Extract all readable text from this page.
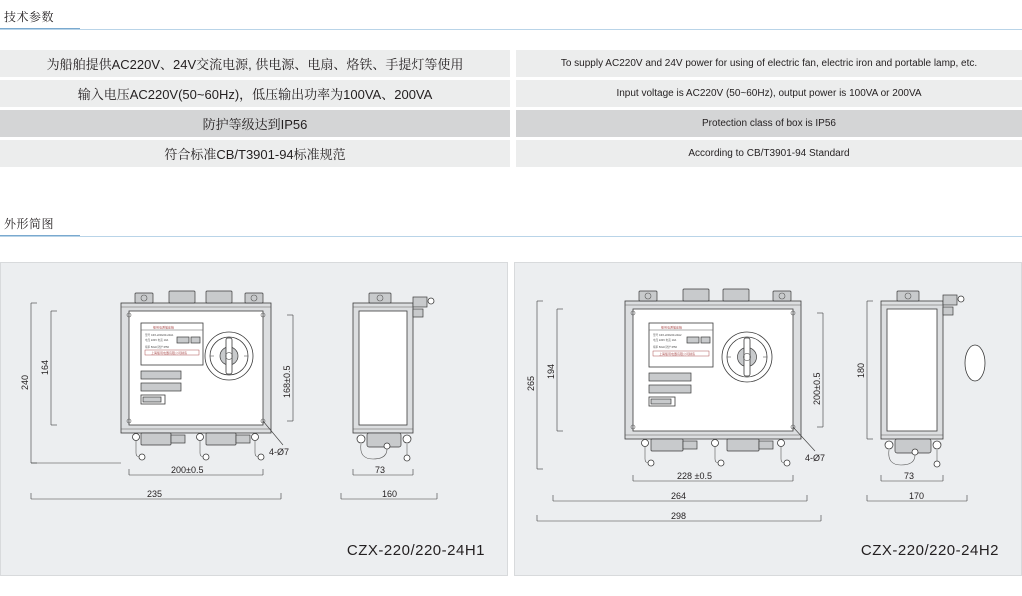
技术参数
为船舶提供AC220V、24V交流电源, 供电源、电扇、烙铁、手提灯等使用	To supply AC220V and 24V power for using of electric fan, electric iron and portable lamp, etc.
输入电压AC220V(50~60Hz)，低压输出功率为100VA、200VA	Input voltage is AC220V (50~60Hz), output power is 100VA or 200VA
防护等级达到IP56	Protection class of box is IP56
符合标准CB/T3901-94标准规范	According to CB/T3901-94 Standard
外形简图
船用电源插座箱
型号 CZX-220/220-24H1
电压 220V 电流 10A
频率 50Hz 防护 IP56
上海船用电器有限公司制造
4-Ø7
240
164	168±0.5
200±0.5
235
73
160
CZX-220/220-24H1
船用电源插座箱
型号 CZX-220/220-24H2
电压 220V 电流 10A
频率 50Hz 防护 IP56
上海船用电器有限公司制造
4-Ø7
265
194
200±0.5
228 ±0.5
264
298
180
73
170
CZX-220/220-24H2
